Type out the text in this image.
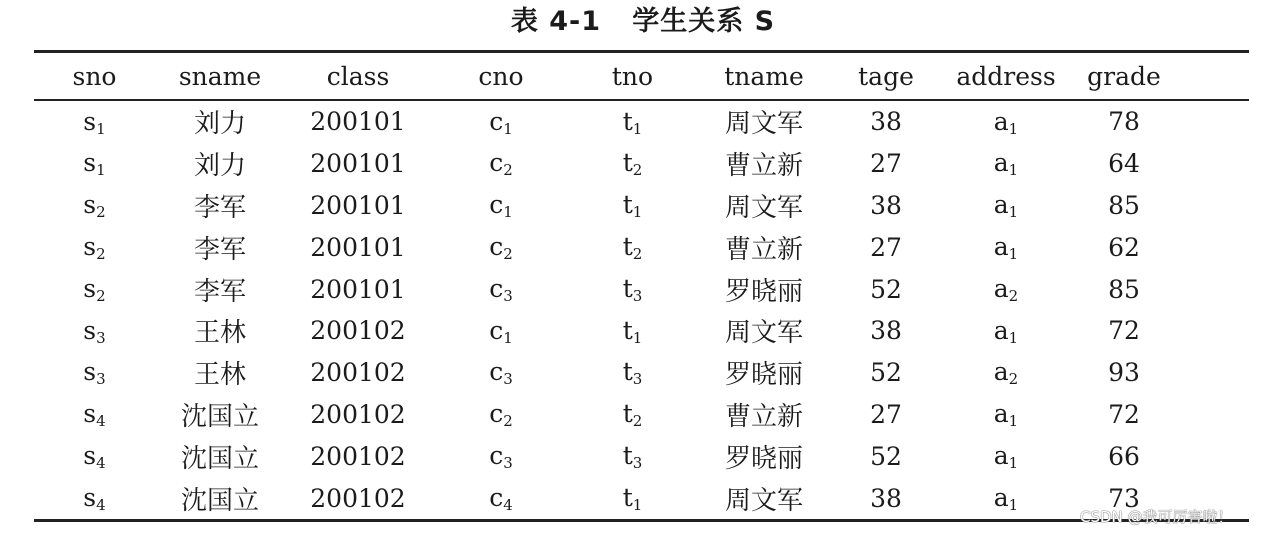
表 4-1   学生关系 S
sno	sname	class	cno	tno	tname	tage	address	grade	
$s_1$	刘力	200101	$c_1$	$t_1$	周文军	38	$a_1$	78	
$s_1$	刘力	200101	$c_2$	$t_2$	曹立新	27	$a_1$	64	
$s_2$	李军	200101	$c_1$	$t_1$	周文军	38	$a_1$	85	
$s_2$	李军	200101	$c_2$	$t_2$	曹立新	27	$a_1$	62	
$s_2$	李军	200101	$c_3$	$t_3$	罗晓丽	52	$a_2$	85	
$s_3$	王林	200102	$c_1$	$t_1$	周文军	38	$a_1$	72	
$s_3$	王林	200102	$c_3$	$t_3$	罗晓丽	52	$a_2$	93	
$s_4$	沈国立	200102	$c_2$	$t_2$	曹立新	27	$a_1$	72	
$s_4$	沈国立	200102	$c_3$	$t_3$	罗晓丽	52	$a_1$	66	
$s_4$	沈国立	200102	$c_4$	$t_1$	周文军	38	$a_1$	73	
CSDN @我可厉害啦！
